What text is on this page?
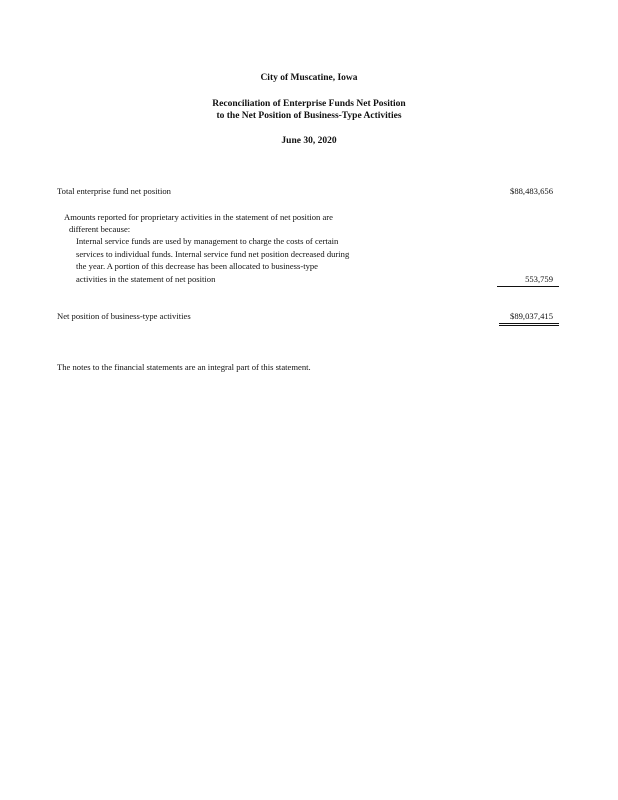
City of Muscatine, Iowa
Reconciliation of Enterprise Funds Net Position
to the Net Position of Business-Type Activities
June 30, 2020
Total enterprise fund net position	$88,483,656
Amounts reported for proprietary activities in the statement of net position are
different because:
Internal service funds are used by management to charge the costs of certain
services to individual funds. Internal service fund net position decreased during
the year. A portion of this decrease has been allocated to business-type
activities in the statement of net position	553,759
Net position of business-type activities	$89,037,415
The notes to the financial statements are an integral part of this statement.
